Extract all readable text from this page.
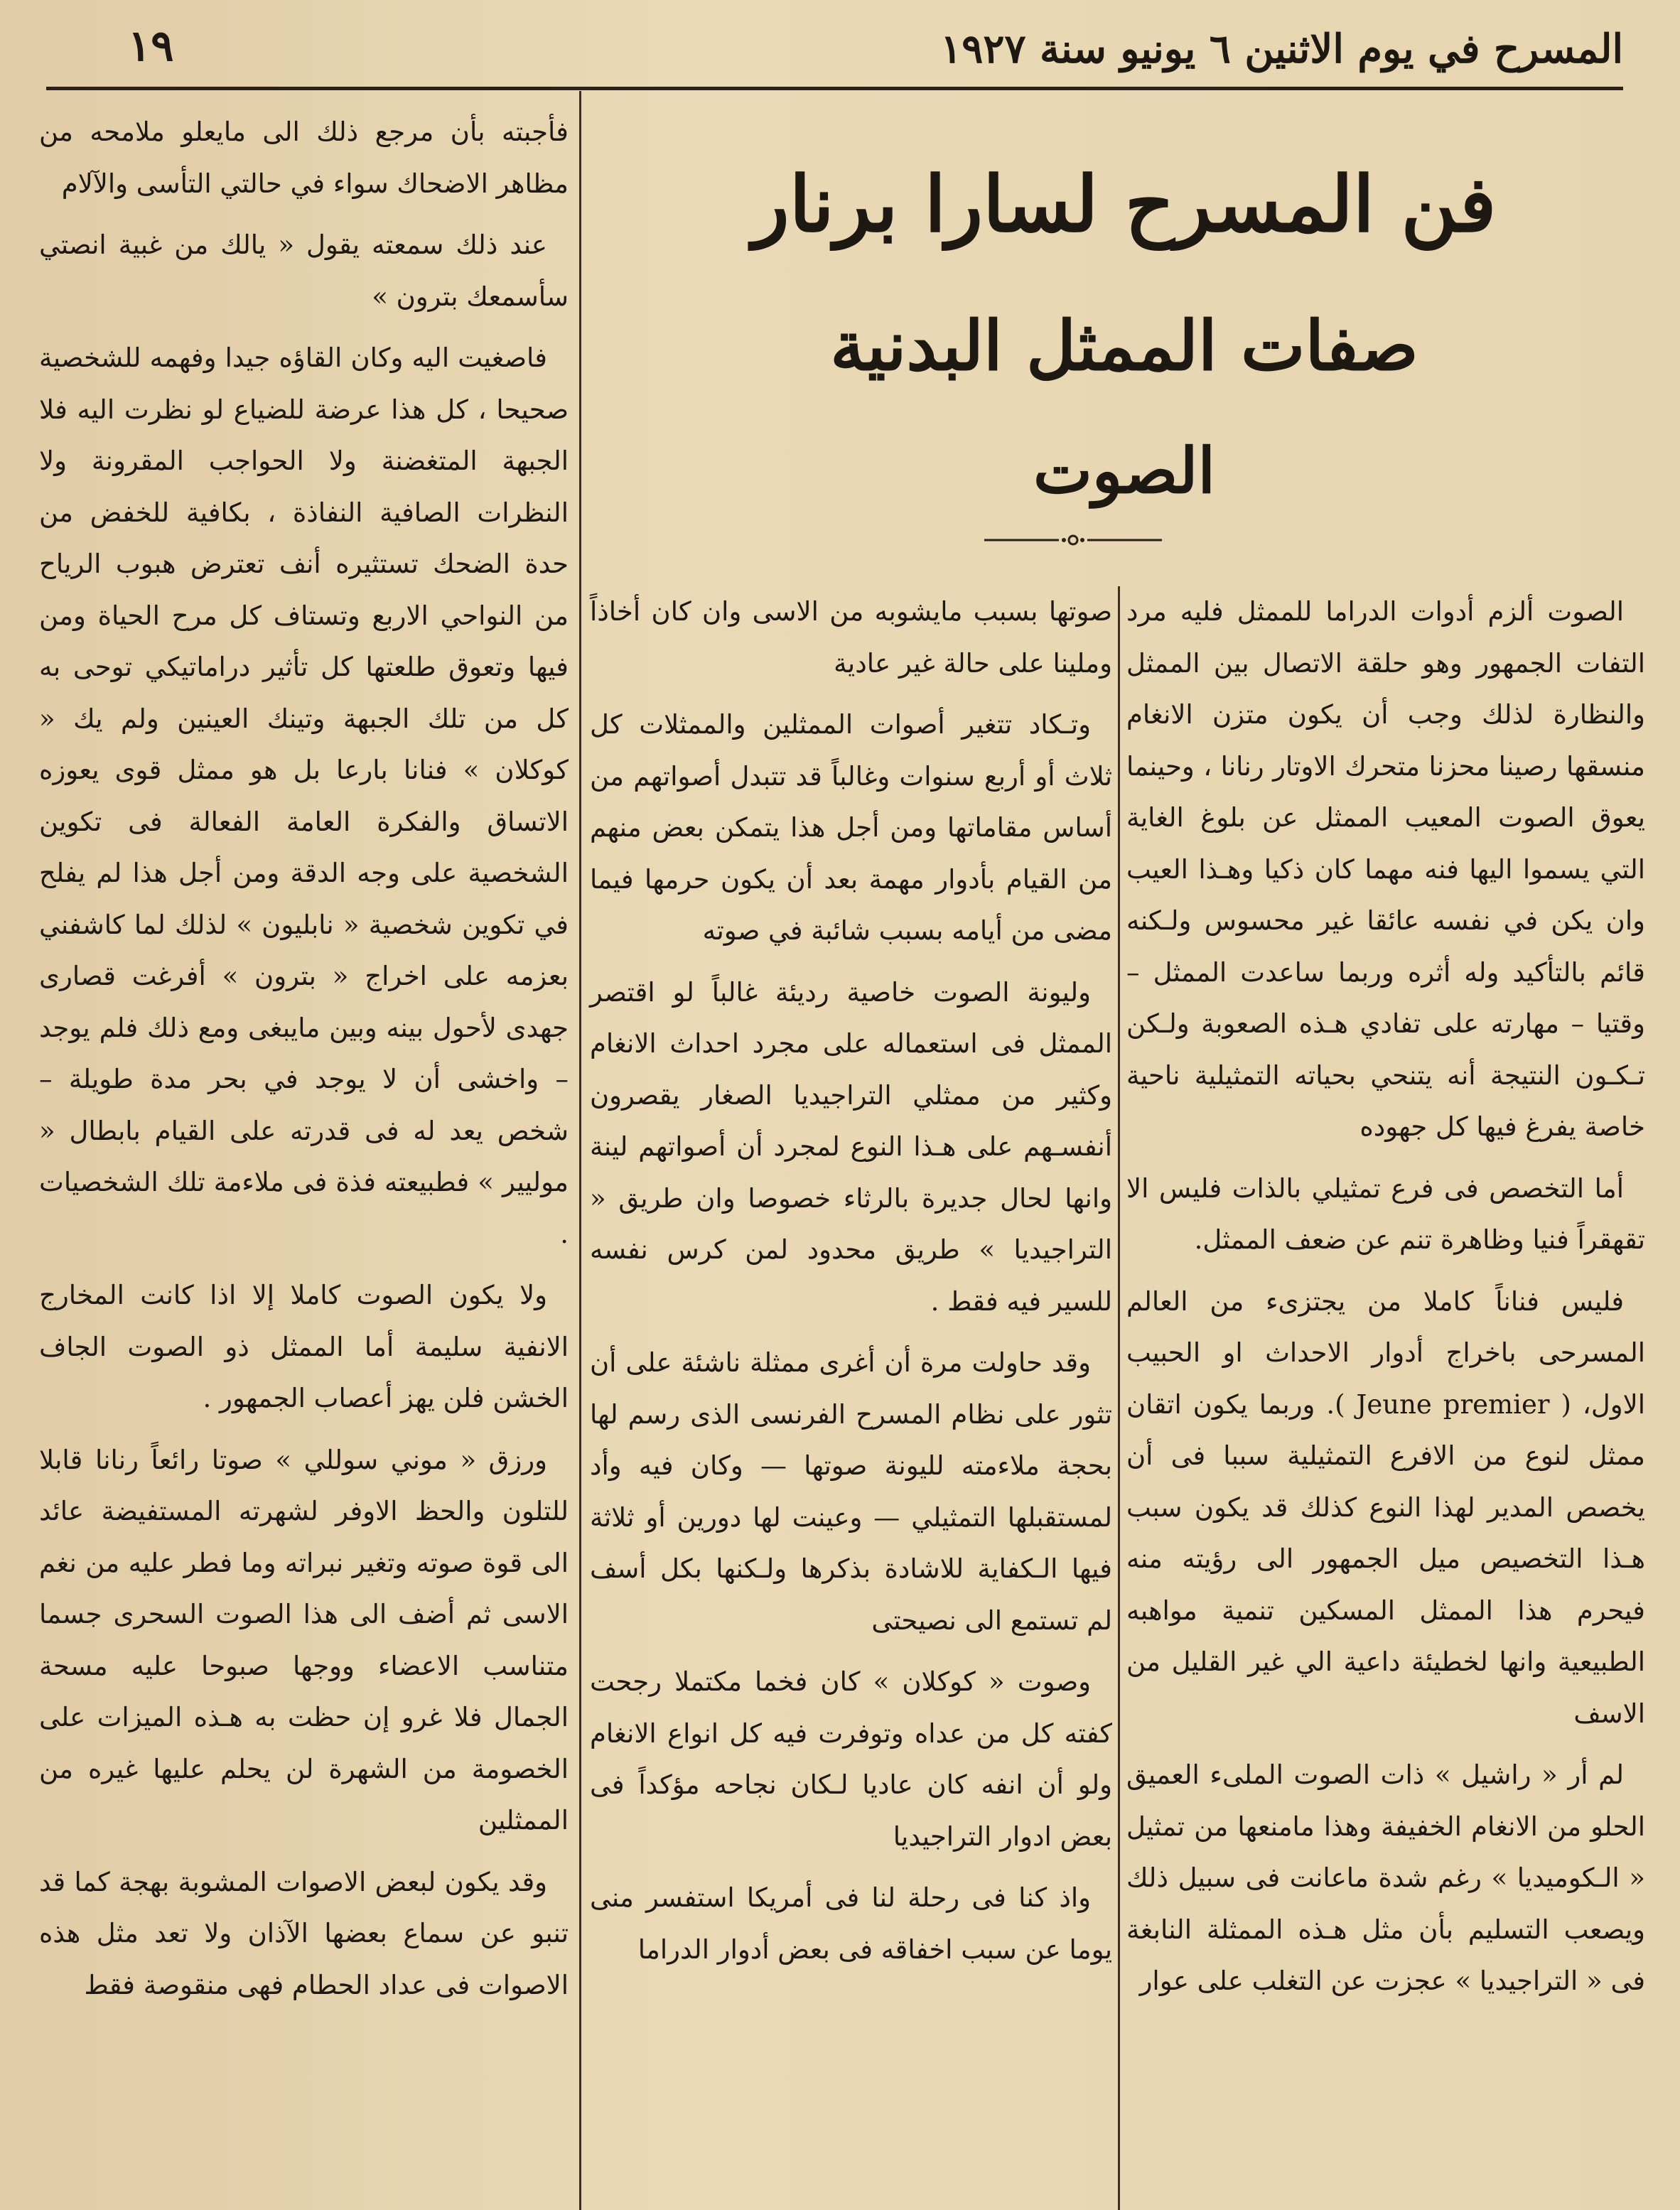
المسرح في يوم الاثنين ٦ يونيو سنة ١٩٢٧
١٩
فن المسرح لسارا برنار
صفات الممثل البدنية
الصوت

الصوت ألزم أدوات الدراما للممثل فليه مرد التفات الجمهور وهو حلقة الاتصال بين الممثل والنظارة لذلك وجب أن يكون متزن الانغام منسقها رصينا محزنا متحرك الاوتار رنانا ، وحينما يعوق الصوت المعيب الممثل عن بلوغ الغاية التي يسموا اليها فنه مهما كان ذكيا وهـذا العيب وان يكن في نفسه عائقا غير محسوس ولـكنه قائم بالتأكيد وله أثره وربما ساعدت الممثل – وقتيا – مهارته على تفادي هـذه الصعوبة ولـكن تـكـون النتيجة أنه يتنحي بحياته التمثيلية ناحية خاصة يفرغ فيها كل جهوده

أما التخصص فى فرع تمثيلي بالذات فليس الا تقهقراً فنيا وظاهرة تنم عن ضعف الممثل.

فليس فناناً كاملا من يجتزىء من العالم المسرحى باخراج أدوار الاحداث او الحبيب الاول، ( Jeune premier ). وربما يكون اتقان ممثل لنوع من الافرع التمثيلية سببا فى أن يخصص المدير لهذا النوع كذلك قد يكون سبب هـذا التخصيص ميل الجمهور الى رؤيته منه فيحرم هذا الممثل المسكين تنمية مواهبه الطبيعية وانها لخطيئة داعية الي غير القليل من الاسف

لم أر « راشيل » ذات الصوت الملىء العميق الحلو من الانغام الخفيفة وهذا مامنعها من تمثيل « الـكوميديا » رغم شدة ماعانت فى سبيل ذلك ويصعب التسليم بأن مثل هـذه الممثلة النابغة فى « التراجيديا » عجزت عن التغلب على عوار

صوتها بسبب مايشوبه من الاسى وان كان أخاذاً وملينا على حالة غير عادية

وتـكاد تتغير أصوات الممثلين والممثلات كل ثلاث أو أربع سنوات وغالباً قد تتبدل أصواتهم من أساس مقاماتها ومن أجل هذا يتمكن بعض منهم من القيام بأدوار مهمة بعد أن يكون حرمها فيما مضى من أيامه بسبب شائبة في صوته

وليونة الصوت خاصية رديئة غالباً لو اقتصر الممثل فى استعماله على مجرد احداث الانغام وكثير من ممثلي التراجيديا الصغار يقصرون أنفسـهم على هـذا النوع لمجرد أن أصواتهم لينة وانها لحال جديرة بالرثاء خصوصا وان طريق « التراجيديا » طريق محدود لمن كرس نفسه للسير فيه فقط .

وقد حاولت مرة أن أغرى ممثلة ناشئة على أن تثور على نظام المسرح الفرنسى الذى رسم لها بحجة ملاءمته لليونة صوتها — وكان فيه وأد لمستقبلها التمثيلي — وعينت لها دورين أو ثلاثة فيها الـكفاية للاشادة بذكرها ولـكنها بكل أسف لم تستمع الى نصيحتى

وصوت « كوكلان » كان فخما مكتملا رجحت كفته كل من عداه وتوفرت فيه كل انواع الانغام ولو أن انفه كان عاديا لـكان نجاحه مؤكداً فى بعض ادوار التراجيديا

واذ كنا فى رحلة لنا فى أمريكا استفسر منى يوما عن سبب اخفاقه فى بعض أدوار الدراما

فأجبته بأن مرجع ذلك الى مايعلو ملامحه من مظاهر الاضحاك سواء في حالتي التأسى والآلام

عند ذلك سمعته يقول « يالك من غبية انصتي سأسمعك بترون »

فاصغيت اليه وكان القاؤه جيدا وفهمه للشخصية صحيحا ، كل هذا عرضة للضياع لو نظرت اليه فلا الجبهة المتغضنة ولا الحواجب المقرونة ولا النظرات الصافية النفاذة ، بكافية للخفض من حدة الضحك تستثيره أنف تعترض هبوب الرياح من النواحي الاربع وتستاف كل مرح الحياة ومن فيها وتعوق طلعتها كل تأثير دراماتيكي توحى به كل من تلك الجبهة وتينك العينين ولم يك « كوكلان » فنانا بارعا بل هو ممثل قوى يعوزه الاتساق والفكرة العامة الفعالة فى تكوين الشخصية على وجه الدقة ومن أجل هذا لم يفلح في تكوين شخصية « نابليون » لذلك لما كاشفني بعزمه على اخراج « بترون » أفرغت قصارى جهدى لأحول بينه وبين مايبغى ومع ذلك فلم يوجد – واخشى أن لا يوجد في بحر مدة طويلة – شخص يعد له فى قدرته على القيام بابطال « موليير » فطبيعته فذة فى ملاءمة تلك الشخصيات .

ولا يكون الصوت كاملا إلا اذا كانت المخارج الانفية سليمة أما الممثل ذو الصوت الجاف الخشن فلن يهز أعصاب الجمهور .

ورزق « موني سوللي » صوتا رائعاً رنانا قابلا للتلون والحظ الاوفر لشهرته المستفيضة عائد الى قوة صوته وتغير نبراته وما فطر عليه من نغم الاسى ثم أضف الى هذا الصوت السحرى جسما متناسب الاعضاء ووجها صبوحا عليه مسحة الجمال فلا غرو إن حظت به هـذه الميزات على الخصومة من الشهرة لن يحلم عليها غيره من الممثلين

وقد يكون لبعض الاصوات المشوبة بهجة كما قد تنبو عن سماع بعضها الآذان ولا تعد مثل هذه الاصوات فى عداد الحطام فهى منقوصة فقط
